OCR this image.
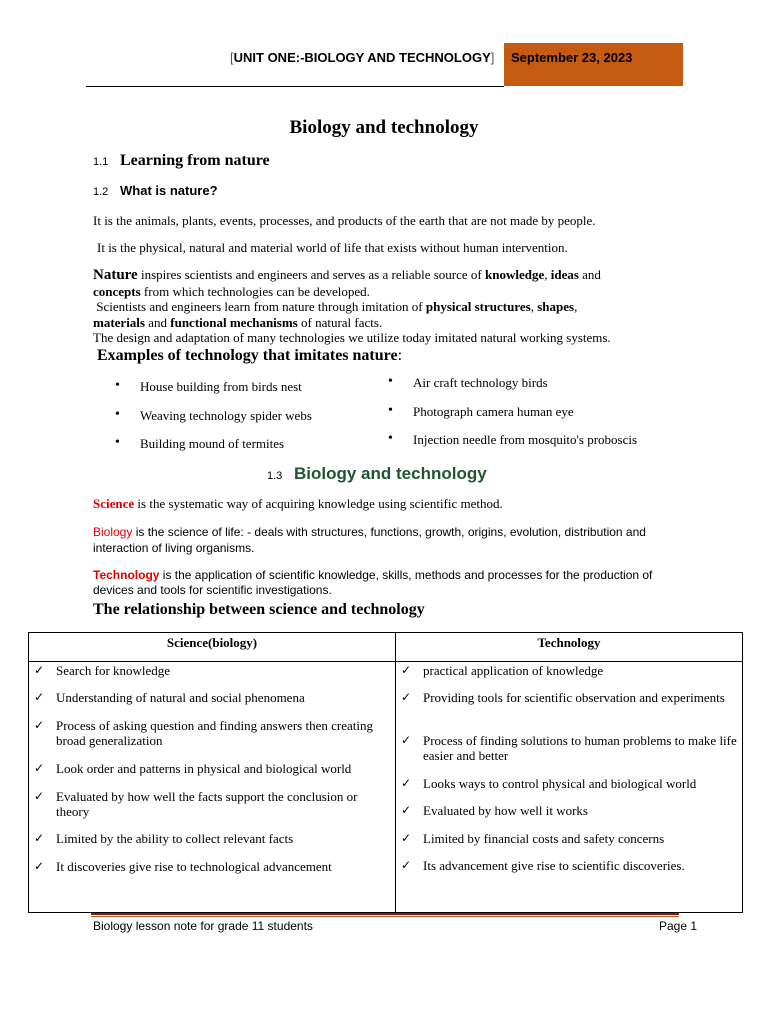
[UNIT ONE:-BIOLOGY AND TECHNOLOGY] September 23, 2023
Biology and technology
1.1 Learning from nature
1.2 What is nature?
It is the animals, plants, events, processes, and products of the earth that are not made by people.
It is the physical, natural and material world of life that exists without human intervention.
Nature inspires scientists and engineers and serves as a reliable source of knowledge, ideas and
concepts from which technologies can be developed.
Scientists and engineers learn from nature through imitation of physical structures, shapes,
materials and functional mechanisms of natural facts.
The design and adaptation of many technologies we utilize today imitated natural working systems.
Examples of technology that imitates nature:
• House building from birds nest
• Weaving technology spider webs
• Building mound of termites
• Air craft technology birds
• Photograph camera human eye
• Injection needle from mosquito's proboscis
1.3 Biology and technology
Science is the systematic way of acquiring knowledge using scientific method.
Biology is the science of life: - deals with structures, functions, growth, origins, evolution, distribution and interaction of living organisms.
Technology is the application of scientific knowledge, skills, methods and processes for the production of devices and tools for scientific investigations.
The relationship between science and technology
Science(biology)	Technology
✓ Search for knowledge
✓ Understanding of natural and social phenomena
✓ Process of asking question and finding answers then creating broad generalization
✓ Look order and patterns in physical and biological world
✓ Evaluated by how well the facts support the conclusion or theory
✓ Limited by the ability to collect relevant facts
✓ It discoveries give rise to technological advancement
✓ practical application of knowledge
✓ Providing tools for scientific observation and experiments
✓ Process of finding solutions to human problems to make life easier and better
✓ Looks ways to control physical and biological world
✓ Evaluated by how well it works
✓ Limited by financial costs and safety concerns
✓ Its advancement give rise to scientific discoveries.
Biology lesson note for grade 11 students	Page 1
